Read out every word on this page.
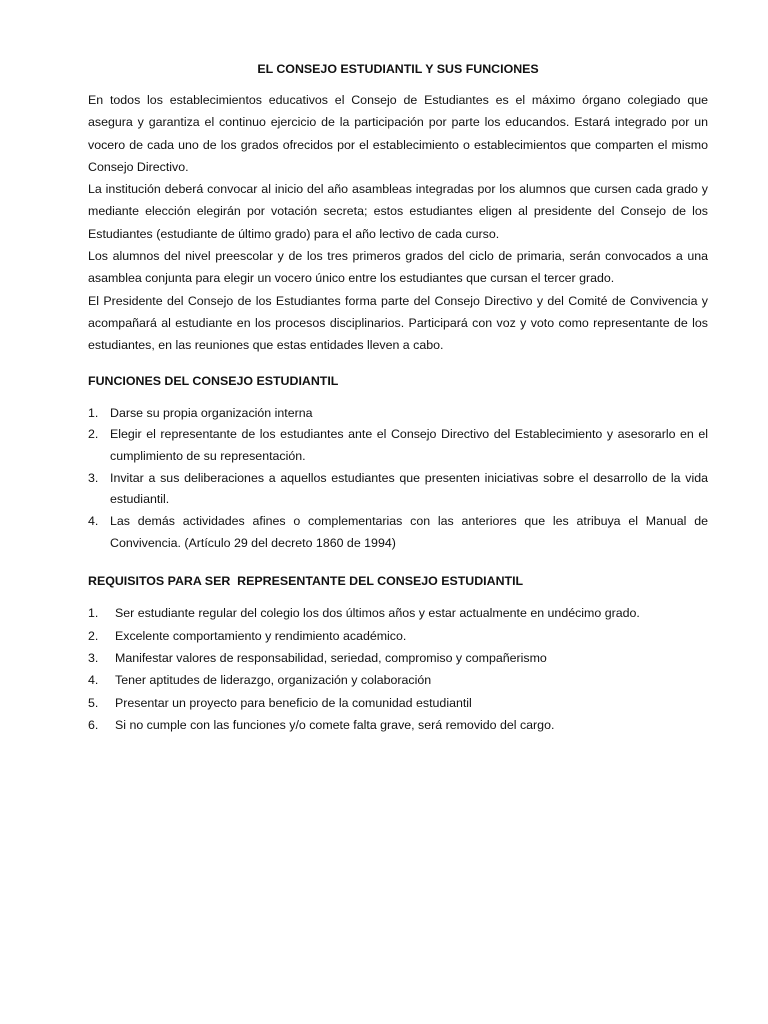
EL CONSEJO ESTUDIANTIL Y SUS FUNCIONES

En todos los establecimientos educativos el Consejo de Estudiantes es el máximo órgano colegiado que asegura y garantiza el continuo ejercicio de la participación por parte los educandos. Estará integrado por un vocero de cada uno de los grados ofrecidos por el establecimiento o establecimientos que comparten el mismo Consejo Directivo.

La institución deberá convocar al inicio del año asambleas integradas por los alumnos que cursen cada grado y mediante elección elegirán por votación secreta; estos estudiantes eligen al presidente del Consejo de los Estudiantes (estudiante de último grado) para el año lectivo de cada curso.

Los alumnos del nivel preescolar y de los tres primeros grados del ciclo de primaria, serán convocados a una asamblea conjunta para elegir un vocero único entre los estudiantes que cursan el tercer grado.

El Presidente del Consejo de los Estudiantes forma parte del Consejo Directivo y del Comité de Convivencia y acompañará al estudiante en los procesos disciplinarios. Participará con voz y voto como representante de los estudiantes, en las reuniones que estas entidades lleven a cabo.

FUNCIONES DEL CONSEJO ESTUDIANTIL
1. Darse su propia organización interna
2. Elegir el representante de los estudiantes ante el Consejo Directivo del Establecimiento y asesorarlo en el cumplimiento de su representación.
3. Invitar a sus deliberaciones a aquellos estudiantes que presenten iniciativas sobre el desarrollo de la vida estudiantil.
4. Las demás actividades afines o complementarias con las anteriores que les atribuya el Manual de Convivencia. (Artículo 29 del decreto 1860 de 1994)
REQUISITOS PARA SER  REPRESENTANTE DEL CONSEJO ESTUDIANTIL
1. Ser estudiante regular del colegio los dos últimos años y estar actualmente en undécimo grado.
2. Excelente comportamiento y rendimiento académico.
3. Manifestar valores de responsabilidad, seriedad, compromiso y compañerismo
4. Tener aptitudes de liderazgo, organización y colaboración
5. Presentar un proyecto para beneficio de la comunidad estudiantil
6. Si no cumple con las funciones y/o comete falta grave, será removido del cargo.
